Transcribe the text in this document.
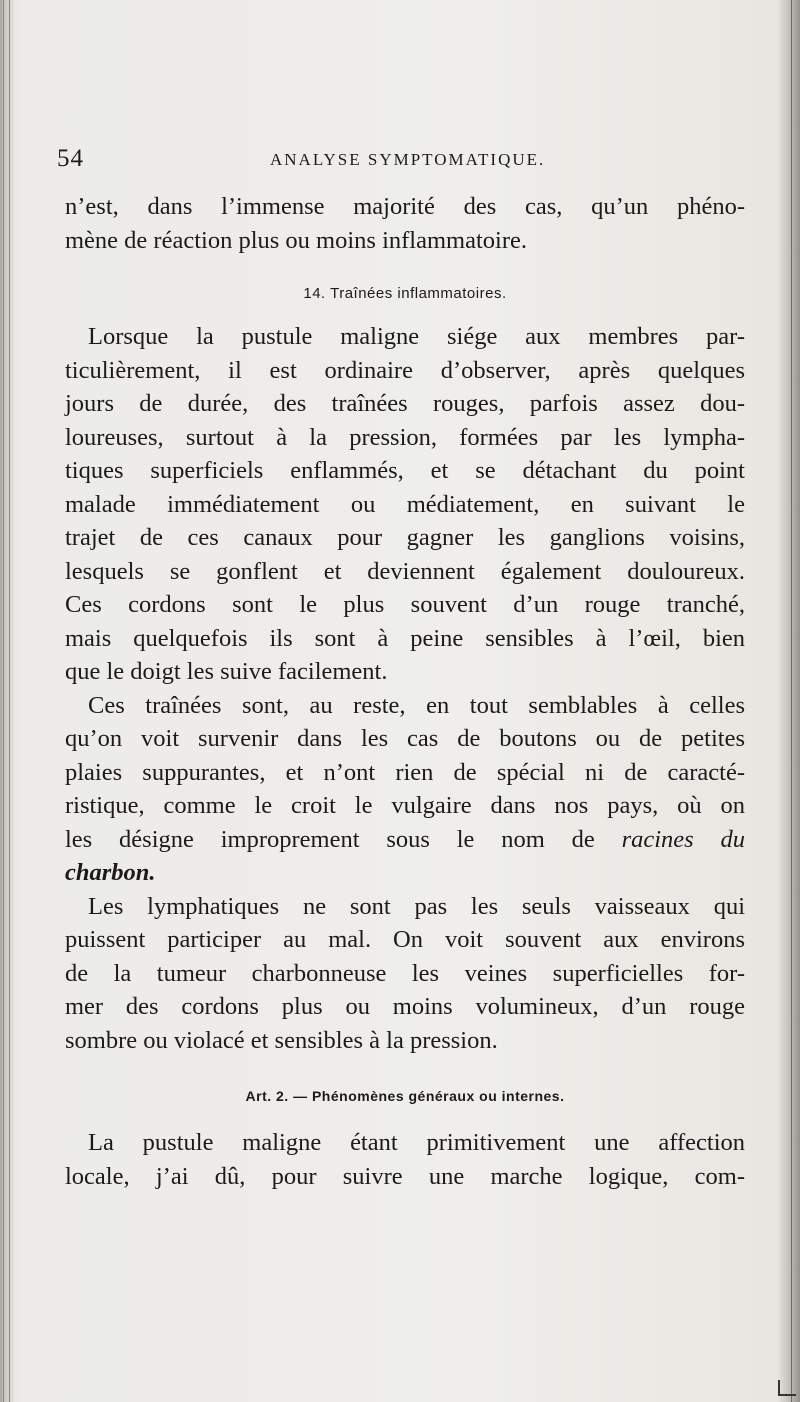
54	ANALYSE SYMPTOMATIQUE.
n’est, dans l’immense majorité des cas, qu’un phéno-
mène de réaction plus ou moins inflammatoire.
14. Traînées inflammatoires.
Lorsque la pustule maligne siége aux membres par-
ticulièrement, il est ordinaire d’observer, après quelques
jours de durée, des traînées rouges, parfois assez dou-
loureuses, surtout à la pression, formées par les lympha-
tiques superficiels enflammés, et se détachant du point
malade immédiatement ou médiatement, en suivant le
trajet de ces canaux pour gagner les ganglions voisins,
lesquels se gonflent et deviennent également douloureux.
Ces cordons sont le plus souvent d’un rouge tranché,
mais quelquefois ils sont à peine sensibles à l’œil, bien
que le doigt les suive facilement.
Ces traînées sont, au reste, en tout semblables à celles
qu’on voit survenir dans les cas de boutons ou de petites
plaies suppurantes, et n’ont rien de spécial ni de caracté-
ristique, comme le croit le vulgaire dans nos pays, où on
les désigne improprement sous le nom de racines du
charbon.
Les lymphatiques ne sont pas les seuls vaisseaux qui
puissent participer au mal. On voit souvent aux environs
de la tumeur charbonneuse les veines superficielles for-
mer des cordons plus ou moins volumineux, d’un rouge
sombre ou violacé et sensibles à la pression.
Art. 2. — Phénomènes généraux ou internes.
La pustule maligne étant primitivement une affection
locale, j’ai dû, pour suivre une marche logique, com-
